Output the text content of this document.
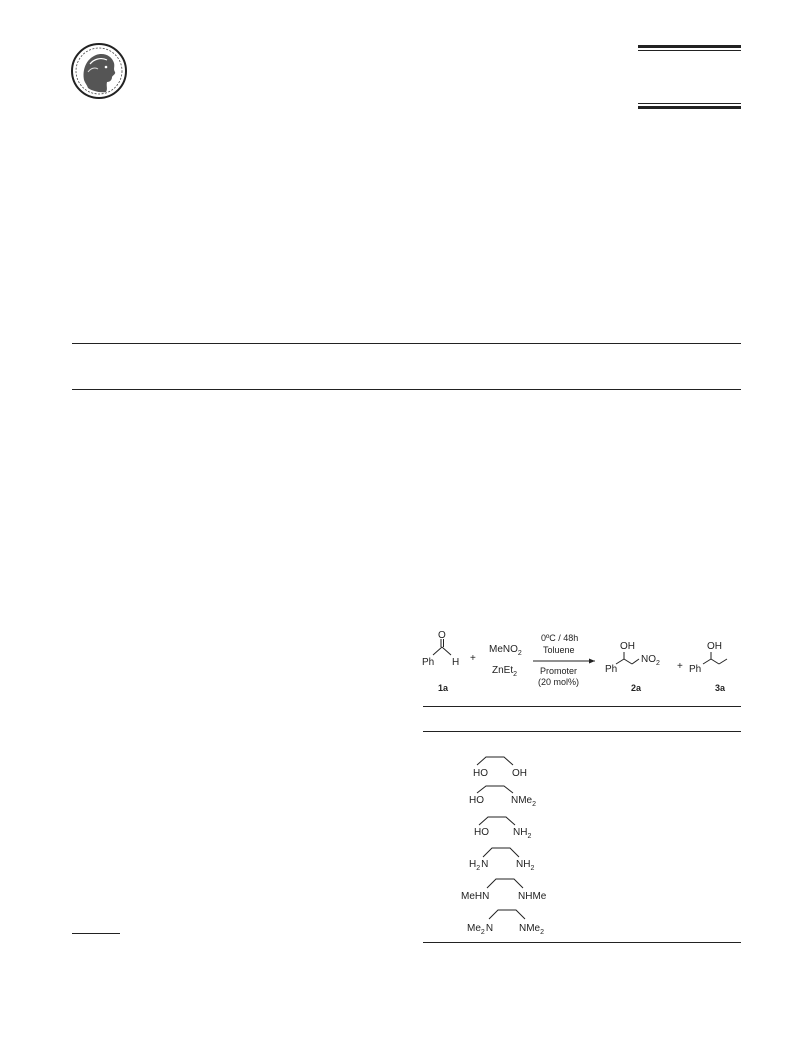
O
Ph H
1a
+
MeNO$_2$
ZnEt$_2$
0ºC / 48h
Toluene
Promoter
(20 mol%)
OH
Ph
$NO_2$
2a
+
OH
Ph
3a
HO OH
HO	NMe$_2$
HO $NH_2$
$H_2N$	$NH_2$
MeHN	NHMe
$Me_2N$	NMe$_2$
